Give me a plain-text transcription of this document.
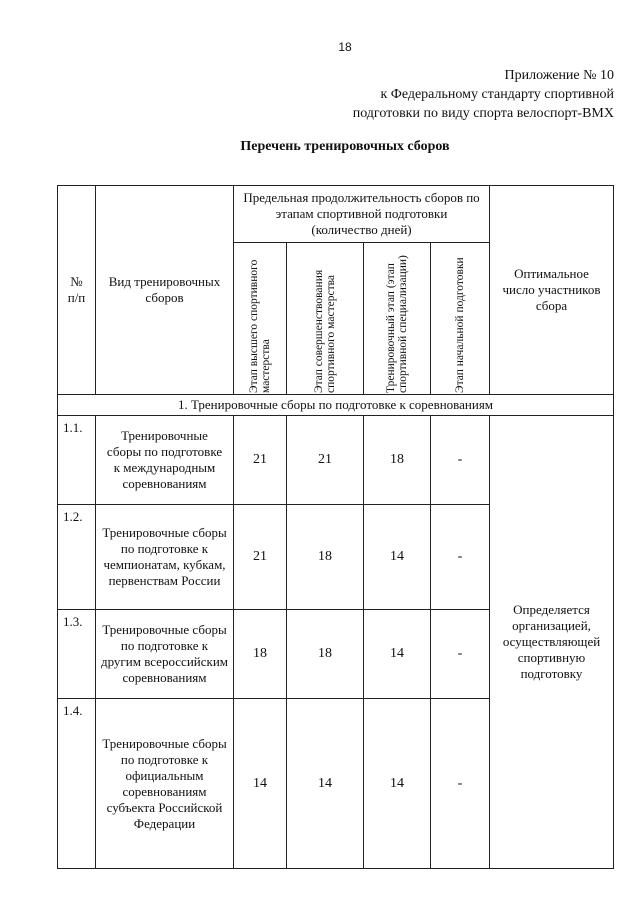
18
Приложение № 10
к Федеральному стандарту спортивной
подготовки по виду спорта велоспорт-BMX
Перечень тренировочных сборов
№ п/п	Вид тренировочных сборов	Предельная продолжительность сборов по этапам спортивной подготовки (количество дней)				Оптимальное число участников сбора

		Этап высшего спортивного мастерства	Этап совершенствования спортивного мастерства	Тренировочный этап (этап спортивной специализации)	Этап начальной подготовки	

1. Тренировочные сборы по подготовке к соревнованиям						
1.1.	Тренировочные сборы по подготовке к международным соревнованиям	21	21	18	-	Определяется организацией, осуществляющей спортивную подготовку
1.2.	Тренировочные сборы по подготовке к чемпионатам, кубкам, первенствам России	21	18	14	-	
1.3.	Тренировочные сборы по подготовке к другим всероссийским соревнованиям	18	18	14	-	
1.4.	Тренировочные сборы по подготовке к официальным соревнованиям субъекта Российской Федерации	14	14	14	-	
